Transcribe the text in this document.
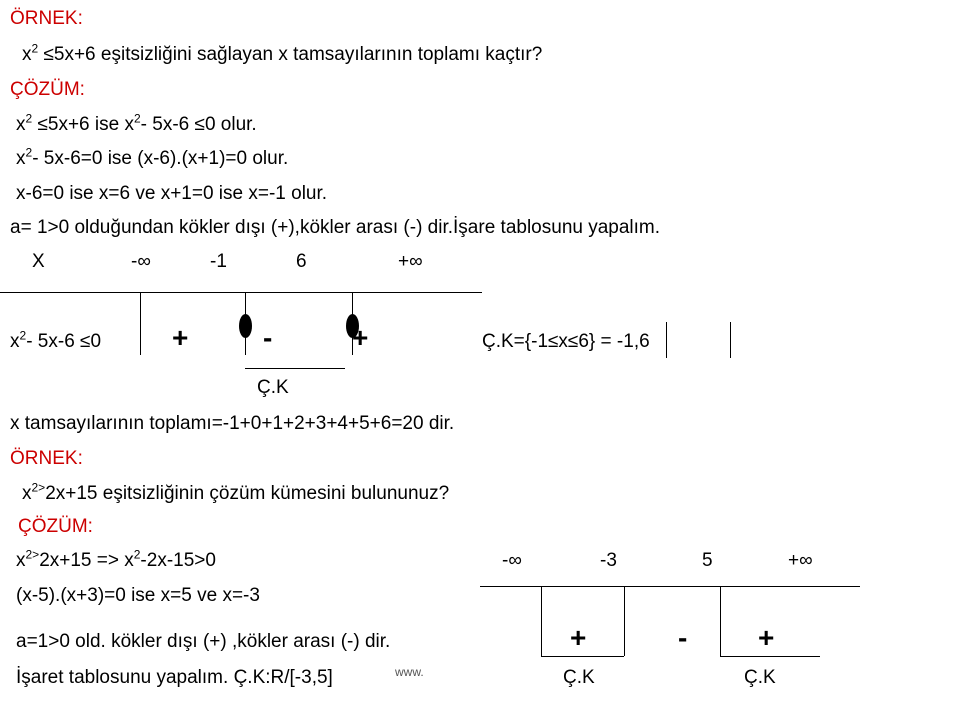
ÖRNEK:
$x^2 \le 5x+6$ eşitsizliğini sağlayan x tamsayılarının toplamı kaçtır?
ÇÖZÜM:
$x^2 \le 5x+6$ ise $x^2-$ 5x-6 ≤0 olur.
$x^2-$ 5x-6=0 ise (x-6).(x+1)=0 olur.
x-6=0 ise x=6 ve x+1=0 ise x=-1 olur.
a= 1>0 olduğundan kökler dışı (+),kökler arası (-) dir.İşare tablosunu yapalım.
X	-∞	-1	6	+∞
$x^2-$ 5x-6 ≤0	+	-	+	Ç.K={-1≤x≤6} = -1,6
Ç.K
x tamsayılarının toplamı=-1+0+1+2+3+4+5+6=20 dir.
ÖRNEK:
$x^{2>}2x+15$ eşitsizliğinin çözüm kümesini bulununuz?
ÇÖZÜM:
$x^{2>}2x+15 => x^2-2x-15>0$
(x-5).(x+3)=0 ise x=5 ve x=-3
a=1>0 old. kökler dışı (+) ,kökler arası (-) dir.
İşaret tablosunu yapalım. Ç.K:R/[-3,5]
-∞	-3	5	+∞
+	-	+
Ç.K	Ç.K
www.
